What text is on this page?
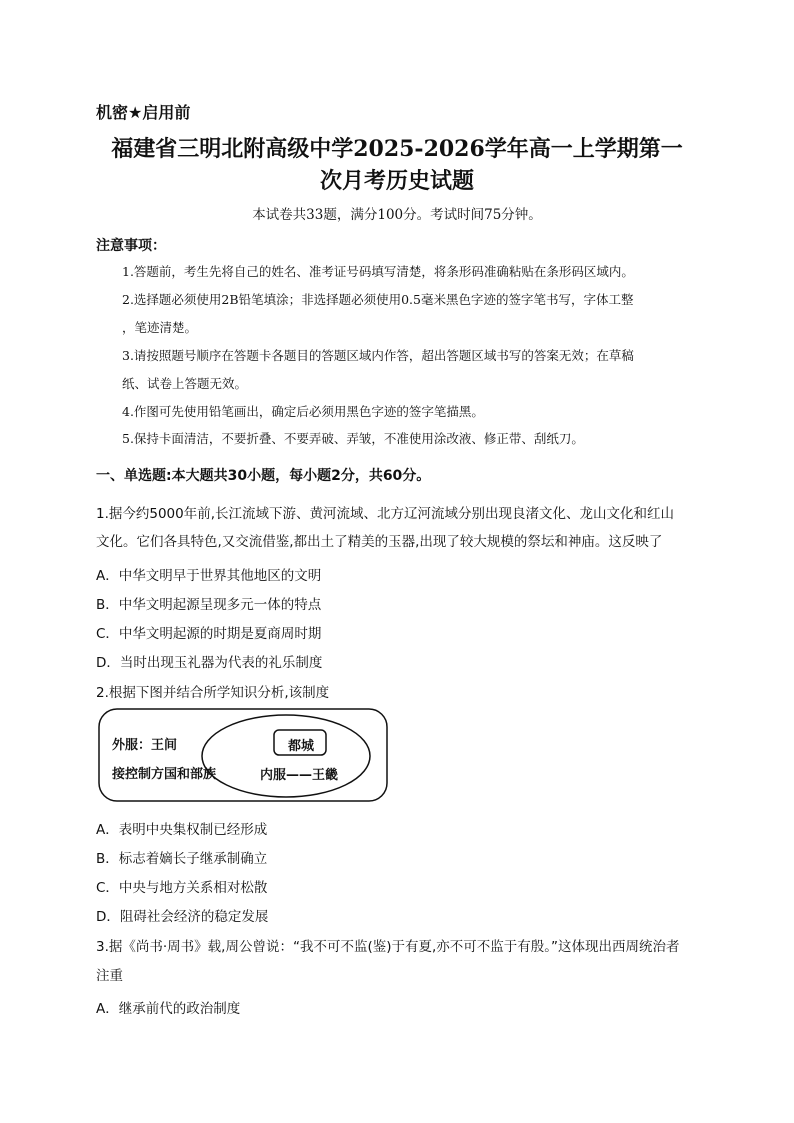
机密★启用前
福建省三明北附高级中学2025-2026学年高一上学期第一
次月考历史试题
本试卷共33题，满分100分。考试时间75分钟。
注意事项：
1.答题前，考生先将自己的姓名、准考证号码填写清楚，将条形码准确粘贴在条形码区域内。
2.选择题必须使用2B铅笔填涂；非选择题必须使用0.5毫米黑色字迹的签字笔书写，字体工整
，笔迹清楚。
3.请按照题号顺序在答题卡各题目的答题区域内作答，超出答题区域书写的答案无效；在草稿
纸、试卷上答题无效。
4.作图可先使用铅笔画出，确定后必须用黑色字迹的签字笔描黑。
5.保持卡面清洁，不要折叠、不要弄破、弄皱，不准使用涂改液、修正带、刮纸刀。
一、单选题:本大题共30小题，每小题2分，共60分。
1.据今约5000年前,长江流域下游、黄河流域、北方辽河流域分别出现良渚文化、龙山文化和红山
文化。它们各具特色,又交流借鉴,都出土了精美的玉器,出现了较大规模的祭坛和神庙。这反映了
A．中华文明早于世界其他地区的文明
B．中华文明起源呈现多元一体的特点
C．中华文明起源的时期是夏商周时期
D．当时出现玉礼器为代表的礼乐制度
2.根据下图并结合所学知识分析,该制度
外服：王间
接控制方国和部族
都城
内服——王畿
A．表明中央集权制已经形成
B．标志着嫡长子继承制确立
C．中央与地方关系相对松散
D．阻碍社会经济的稳定发展
3.据《尚书·周书》载,周公曾说：“我不可不监(鉴)于有夏,亦不可不监于有殷。”这体现出西周统治者
注重
A．继承前代的政治制度
